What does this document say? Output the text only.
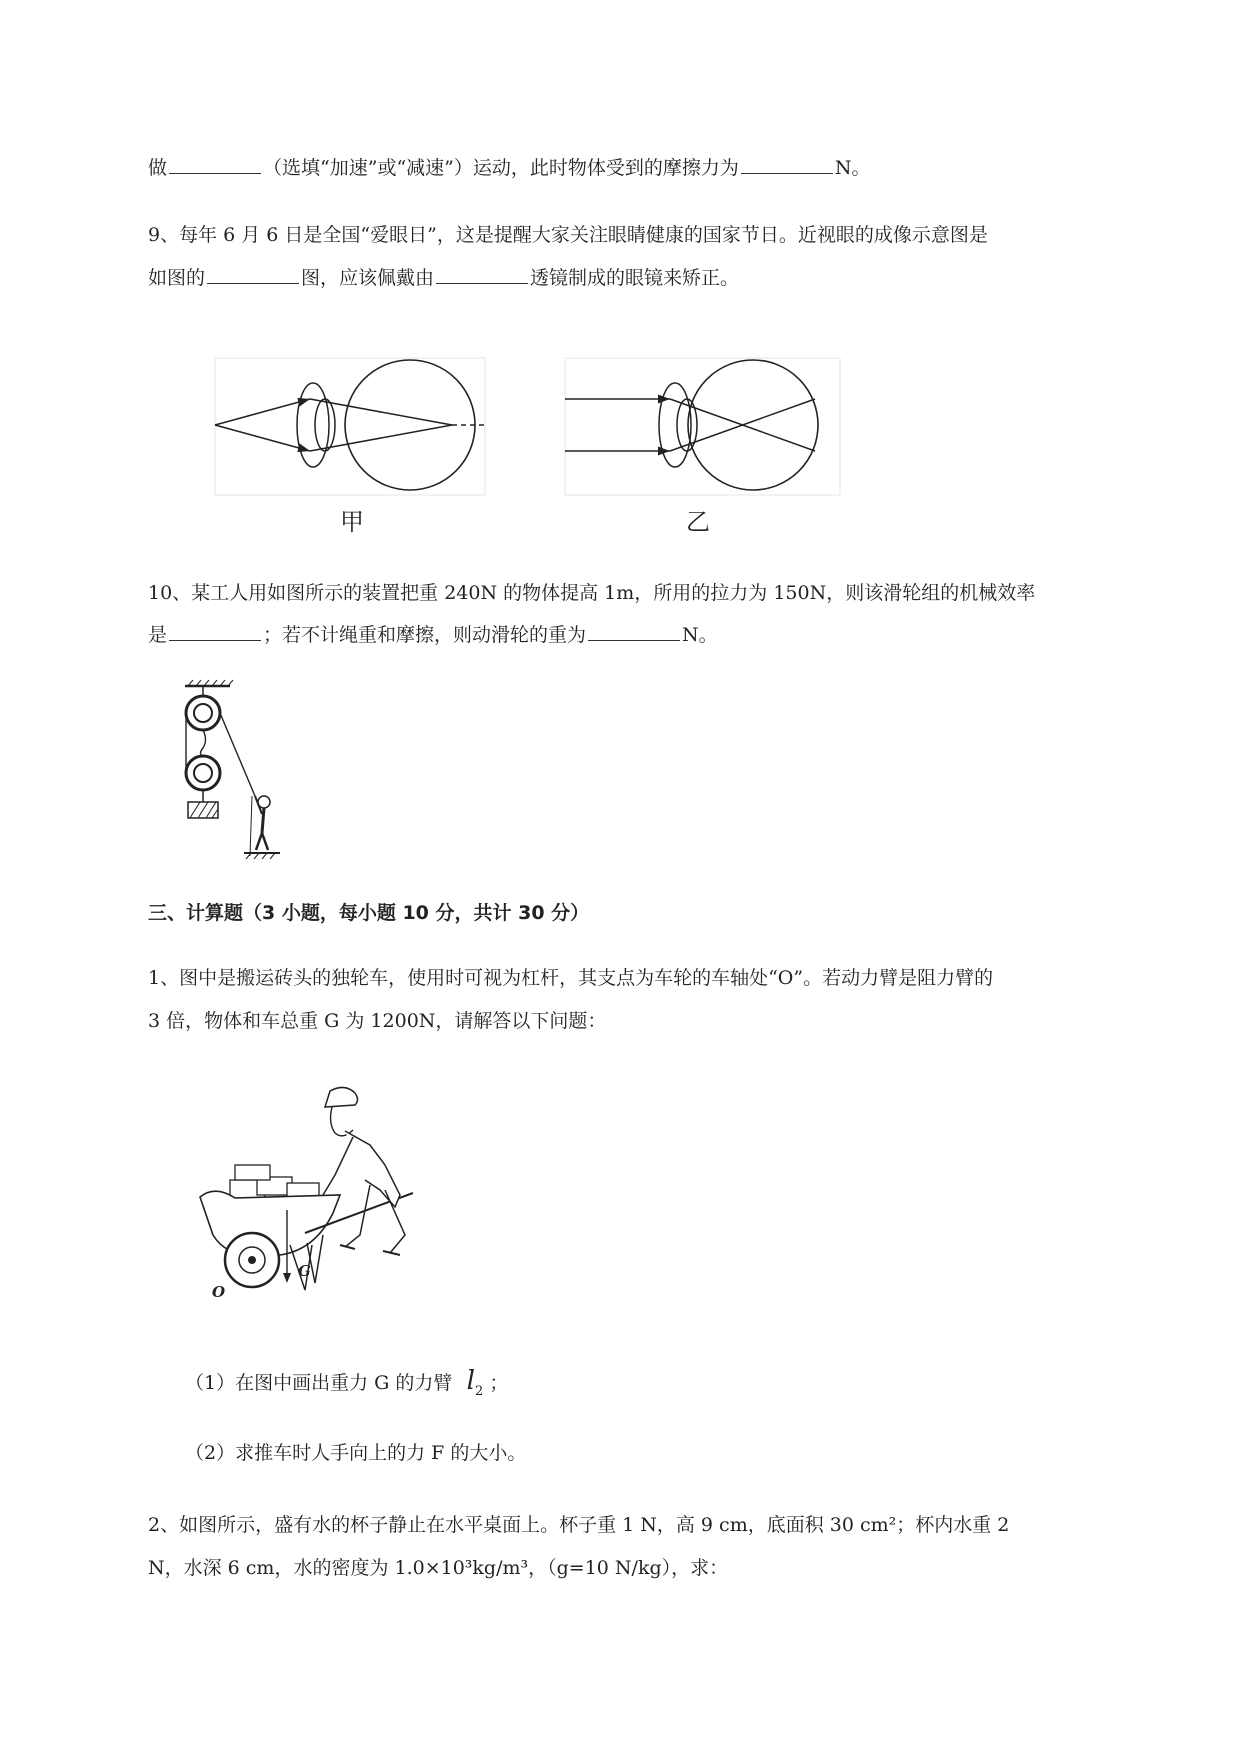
做	（选填“加速”或“减速”）运动，此时物体受到的摩擦力为	N。
9、每年 6 月 6 日是全国“爱眼日”，这是提醒大家关注眼睛健康的国家节日。近视眼的成像示意图是
如图的	图，应该佩戴由	透镜制成的眼镜来矫正。
甲	乙
10、某工人用如图所示的装置把重 240N 的物体提高 1m，所用的拉力为 150N，则该滑轮组的机械效率
是	；若不计绳重和摩擦，则动滑轮的重为	N。
三、计算题（3 小题，每小题 10 分，共计 30 分）
1、图中是搬运砖头的独轮车，使用时可视为杠杆，其支点为车轮的车轴处“O”。若动力臂是阻力臂的
3 倍，物体和车总重 G 为 1200N，请解答以下问题：
O
G
（1）在图中画出重力 G 的力臂 $l_2$ ；
（2）求推车时人手向上的力 F 的大小。
2、如图所示，盛有水的杯子静止在水平桌面上。杯子重 1 N，高 9 cm，底面积 30 cm²；杯内水重 2
N，水深 6 cm，水的密度为 1.0×10³kg/m³，（g=10 N/kg），求：
